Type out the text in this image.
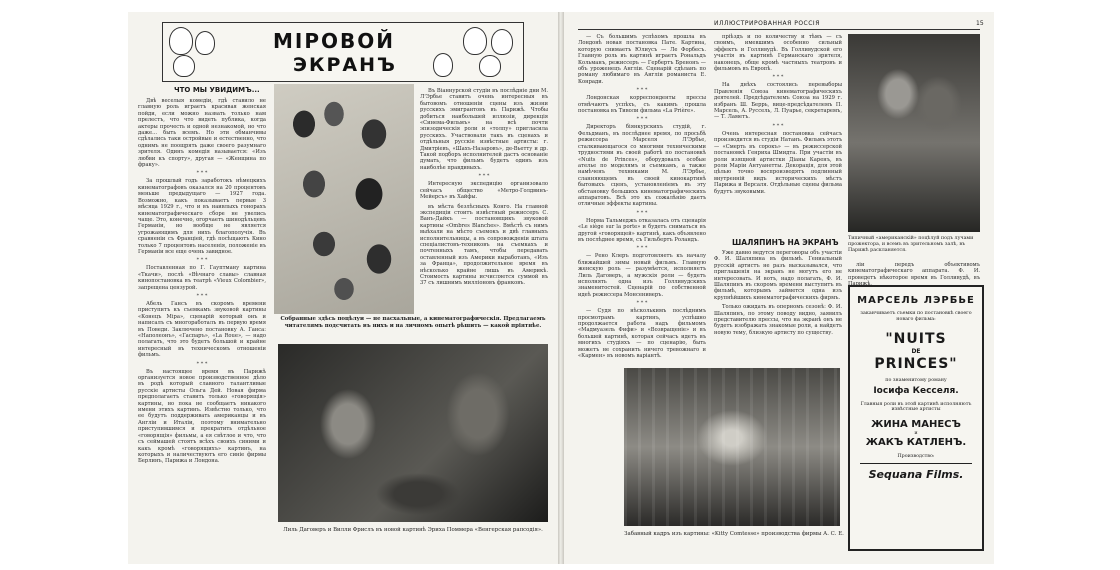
МІРОВОЙ
ЭКРАНЪ
ЧТО МЫ УВИДИМЪ...

Двѣ веселыя комедіи, гдѣ ставило не главную роль играетъ красивая женская пойди, если можно назвать только нам прелестъ, что что видеть публика, когда актеры прочесть и одной незнакомой, но что даже... быть всемъ. Но эти обманчивы сдѣлались таки остройвые и естественно, что однимъ не поощрять даже своего разумнаго зрителя. Одинъ комедія называется: «Изъ любви къ спорту», другая — «Женщина по фраку».

* * *

За прошлый годъ заработокъ нѣмецкихъ кинематографовъ оказался на 20 процентовъ меньше предыдущаго — 1927 года. Возможно, какъ показываетъ первые 3 мѣсяца 1929 г., что и въ наивлыхъ гонорахъ кинематографическаго сборе не увелись чаще. Это, конечно, огорчаетъ шинодѣльцевъ Германіи, но вообще не является угрожающимъ для нихъ благополучія. Въ сравненіи съ Франціей, гдѣ посѣщаютъ Кино только 7 процентовъ населенія, положеніе въ Германіи все еще очень завидное.

* * *

Поставленная по Г. Гауптману картина «Ткачи», послѣ «Вѣчнаго славы» славная кинопостановка въ театрѣ «Vieux Colombier», запрещена цензурой.

* * *

Абель Гансъ въ скоромъ времени приступитъ къ съемкамъ звуковой картины «Конецъ Міра», сценарій который онъ и написалъ съ многоработалъ въ первую время въ Поведи. Заключено постановку А. Ганса: «Наполеонъ», «Гаспаръ», «La Roue», — надо полагать, что это будетъ большой и крайне интересный въ техническомъ отношеніи фильмъ.

* * *

Въ настоящее время въ Парижѣ организуется новое производственное дѣло въ родѣ который славного талантливые русскіе артисты Ольга Дей. Новая фирма предполагаетъ ставить только «говорящія» картины, но пока не сообщаетъ никакого имени этихъ картинъ. Извѣстно только, что ее будутъ поддерживать американцы и въ Англіи и Италіи, поэтому внимательно приступившимся и прекратить отдѣльное «говорящія» фильмы, а ея свѣтлое и что, что съ сеймашей стоятъ всѣхъ своихъ синими и какъ кромѣ «говорящихъ» картинъ, на которыхъ и наличествуютъ его синіе фирмы Берлинъ, Парижа и Лондона.

Въ Віаннурской студіи въ послѣдніе дни М. Л'Эрбье ставитъ очень интересныя въ бытовомъ отношеніи сцены изъ жизни русскихъ эмигрантовъ въ Парижѣ. Чтобы добиться наибольшей иллюзіи, дирекція «Синема-Фильмъ» на всѣ почти эпизодическія роли и «толпу» пригласила русскихъ. Участвовали такъ въ сценахъ и отдѣльныя русскіе извѣстные артисты: г. Дмитріевъ, «Шахъ-Назаровъ», де-Вьетту и др. Такой подборъ исполнителей дастъ основаніе думать, что фильмъ будетъ одинъ изъ наиболѣе правдивыхъ.

* * *

Интересную экспедицію организовало сейчасъ общество «Метро-Голдвинъ-Мейерсъ» въ Хайфы.

въ мѣста безлѣсныхъ Конго. На главной экспедиціи стоитъ извѣстный режиссеръ С. Ванъ-Дайкъ — постановщикъ звуковой картины «Ombres Blanches». Вмѣстѣ съ нимъ выѣхали на мѣсто съемокъ и двѣ главныхъ исполнительницы, а въ сопровожденіи штата спеціалистовъ-техниковъ на съемкахъ и почтенныхъ тамъ, чтобы передавать оставленный изъ Америки выработанъ, «Изъ за Франца», продолжительное время въ нѣсколько крайне лишь въ Америкѣ. Стоимость картины исчисляется суммой въ 37 съ лишнимъ милліоновъ франковъ.

Собранные здѣсь поцѣлуи — не пасхальные, а кинематографическія. Предлагаемъ читателямъ подсчитать въ нихъ и на личномъ опытѣ рѣшить — какой пріятнѣе.
Лиль Даговеръ и Вилли Фрислъ въ новой картинѣ Эриха Поммера «Венгерская рапсодія».
ИЛЛЮСТРИРОВАННАЯ РОССІЯ	15

— Съ большимъ успѣхомъ прошла въ Лондонѣ новая постановка Пате. Картина, которую снимаетъ Юлиусъ — Ле Форбесъ. Главную роль въ картинѣ играетъ Рональдъ Кольманъ, режиссеръ — Гербертъ Бренонъ — объ уроженецъ Англіи. Сценарій сдѣланъ по роману любимаго въ Англіи романиста Е. Конради.

* * *

Лондонская корреспонденты прессы отмѣчаютъ успѣхъ, съ какимъ прошла постановка въ Тиволи фильма «La Prière».

* * *

Директоръ біянкурскихъ студій, г. Фельдманъ, въ послѣднее время, по просьбѣ режиссера Марселя Л'Эрбье, сталкивающагося со многими техническими трудностями въ своей работѣ по постановкѣ «Nuits de Princes», оборудовалъ особые ателье по моделямъ и съемкамъ, а также намѣченъ техниками М. Л'Эрбье, сланняющемъ въ своей кинокартинѣ бытовыхъ сценъ, установленіемъ въ эту обстановку большихъ кинематографическихъ аппаратовъ. Всѣ это къ сожалѣнію даетъ отличные эффекты картины.

* * *

Норма Тальмеджъ отказалась отъ сценарія «Le siège sur la porte» и будетъ сниматься въ другой «говорящей» картинѣ, какъ объявлено въ послѣднее время, съ Гильбертъ Роландъ.

* * *

— Рено Клеръ подготовляетъ къ началу ближайшей зимы новый фильмъ. Главную женскую роль — разумѣется, исполняетъ Лиль Даговеръ, а мужскія роли — будетъ исполнять одна изъ Голливудскихъ знаменитостей. Сценарій по собственной идеѣ режиссера Монсениверъ.

* * *

— Судя по нѣсколькимъ послѣднимъ просмотрамъ картинъ, успѣшно продолжается работа надъ фильмомъ «Мадмуазель Фифи» и «Возвращеніе» и въ большей картинѣ, которая сейчасъ идетъ въ многихъ студіяхъ — по сценарію, быть можетъ не сохранить ничего тревожнаго и «Кармен» въ новомъ варіантѣ.

пріѣздъ и по количеству и тѣмъ — съ своимъ, имевшимъ особенно сильный эффектъ и Голливудѣ. Въ Голливудской его участія въ картинѣ Германскаго зрителя, наконецъ, обще кромѣ частныхъ театровъ и фильмовъ въ Европѣ.

* * *

На днѣхъ состоялись перевыборы Правленія Союза кинематографическихъ деятелей. Предсѣдателемъ Союза на 1929 г. избранъ Ш. Беррь, вице-предсѣдателемъ П. Марсель, А. Руссель, Л. Пуарье, секретаремъ, — Т. Ламетъ.

* * *

Очень интересная постановка сейчасъ производится въ студіи Натанъ. Фильмъ этотъ — «Смерть въ сорокъ» — въ режиссерской постановкѣ Генриха Шмидта. При участіи въ роли изящной артистки Діаны Каренъ, въ роли Маріи Антуанетты. Декорація, для этой цѣлью точно воспроизводятъ подлинный внутренній видъ историческихъ мѣстъ Парижа и Версаля. Отдѣльные сцены фильма будутъ звуковыми.

ШАЛЯПИНЪ НА ЭКРАНЪ

Уже давно ведутся переговоры объ участіи Ф. И. Шаляпина въ фильмѣ. Гениальный русскій артистъ не разъ высказывался, что приглашенія на экранъ не могутъ его не интересовать. И вотъ, надо полагать, Ф. И. Шаляпинъ въ скоромъ времени выступитъ въ фильмѣ, которымъ займется одна изъ крупнѣйшихъ кинематографическихъ фирмъ.

Только ожидать въ оперномъ сезонѣ: Ф. И. Шаляпинъ, по этому поводу видно, заявилъ представителю прессы, что на экранѣ онъ не будетъ изображать знакомые роли, а найдетъ новую тему, близкую артисту по существу.

Типичный «американскій» поцѣлуй подъ лучами прожектора, и всемъ въ зрительномъ залѣ, въ Парижѣ раскланяется.

ліи передъ объективомъ кинематографическаго аппарата. Ф. И. проведетъ нѣкоторое время въ Голливудѣ, въ

Забавный кадръ изъ картины: «Kitty Comtesse» производства фирмы А. С. Е.
МАРСЕЛЬ ЛЭРБЬЕ
заканчиваетъ съемки по постановкѣ своего новаго фильма:
"NUITS
DE
PRINCES"
по знаменитому роману
Іосифа Кесселя.
Главныя роли въ этой картинѣ исполняютъ извѣстные артисты
ЖИНА МАНЕСЪ
и
ЖАКЪ КАТЛЕНЪ.
Производство:
Sequana Films.
